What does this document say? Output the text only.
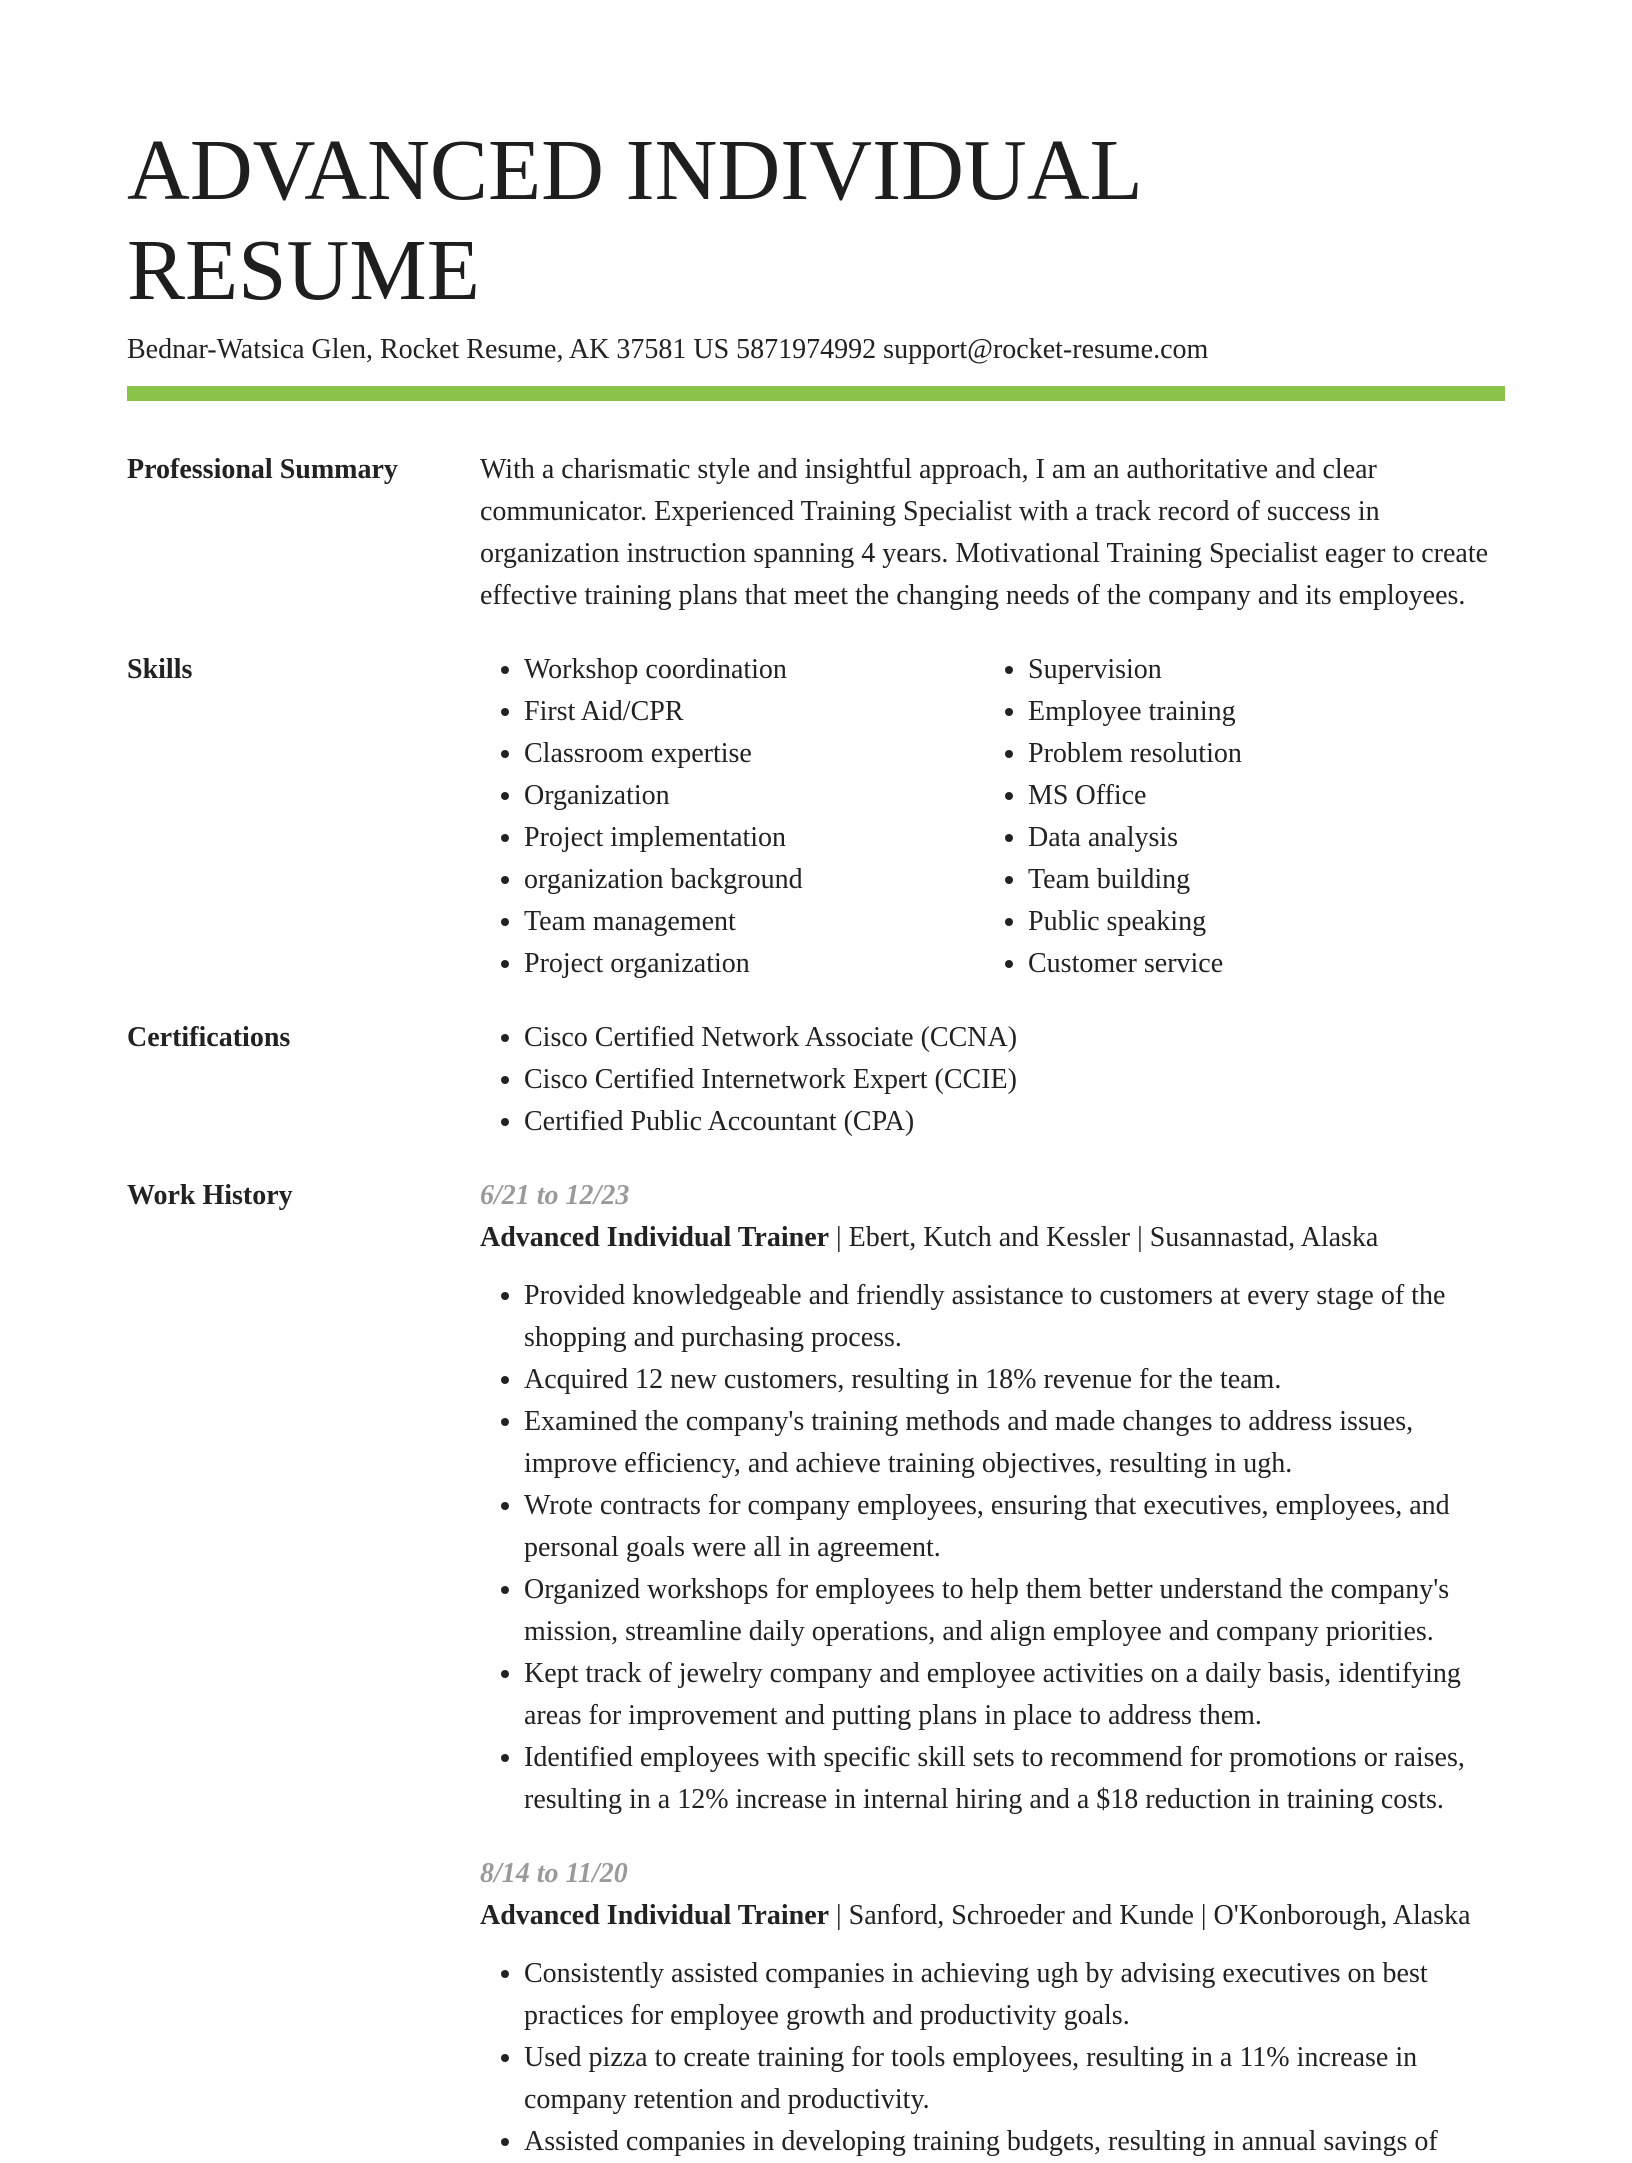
ADVANCED INDIVIDUAL RESUME
Bednar-Watsica Glen, Rocket Resume, AK 37581 US 5871974992 support@rocket-resume.com
Professional Summary	With a charismatic style and insightful approach, I am an authoritative and clear communicator. Experienced Training Specialist with a track record of success in organization instruction spanning 4 years. Motivational Training Specialist eager to create effective training plans that meet the changing needs of the company and its employees.
Skills	• Workshop coordination
• First Aid/CPR
• Classroom expertise
• Organization
• Project implementation
• organization background
• Team management
• Project organization
• Supervision
• Employee training
• Problem resolution
• MS Office
• Data analysis
• Team building
• Public speaking
• Customer service
Certifications	• Cisco Certified Network Associate (CCNA)
• Cisco Certified Internetwork Expert (CCIE)
• Certified Public Accountant (CPA)
Work History	6/21 to 12/23
Advanced Individual Trainer | Ebert, Kutch and Kessler | Susannastad, Alaska
• Provided knowledgeable and friendly assistance to customers at every stage of the shopping and purchasing process.
• Acquired 12 new customers, resulting in 18% revenue for the team.
• Examined the company's training methods and made changes to address issues, improve efficiency, and achieve training objectives, resulting in ugh.
• Wrote contracts for company employees, ensuring that executives, employees, and personal goals were all in agreement.
• Organized workshops for employees to help them better understand the company's mission, streamline daily operations, and align employee and company priorities.
• Kept track of jewelry company and employee activities on a daily basis, identifying areas for improvement and putting plans in place to address them.
• Identified employees with specific skill sets to recommend for promotions or raises, resulting in a 12% increase in internal hiring and a $18 reduction in training costs.
8/14 to 11/20
Advanced Individual Trainer | Sanford, Schroeder and Kunde | O'Konborough, Alaska
• Consistently assisted companies in achieving ugh by advising executives on best practices for employee growth and productivity goals.
• Used pizza to create training for tools employees, resulting in a 11% increase in company retention and productivity.
• Assisted companies in developing training budgets, resulting in annual savings of
